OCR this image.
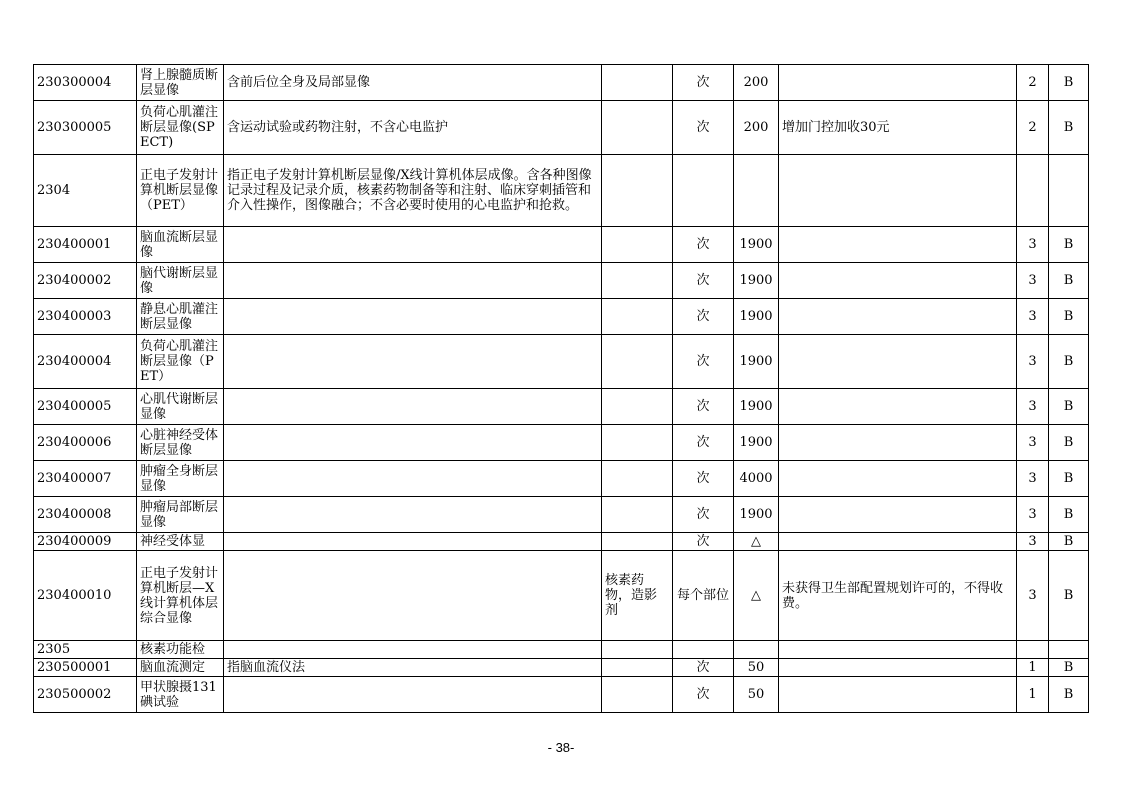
230300004	肾上腺髓质断层显像	含前后位全身及局部显像		次	200		2	B
230300005	负荷心肌灌注断层显像(SPECT)	含运动试验或药物注射，不含心电监护		次	200	增加门控加收30元	2	B
2304	正电子发射计算机断层显像（PET）	指正电子发射计算机断层显像/X线计算机体层成像。含各种图像记录过程及记录介质，核素药物制备等和注射、临床穿刺插管和介入性操作，图像融合；不含必要时使用的心电监护和抢救。						
230400001	脑血流断层显像			次	1900		3	B
230400002	脑代谢断层显像			次	1900		3	B
230400003	静息心肌灌注断层显像			次	1900		3	B
230400004	负荷心肌灌注断层显像（PET）			次	1900		3	B
230400005	心肌代谢断层显像			次	1900		3	B
230400006	心脏神经受体断层显像			次	1900		3	B
230400007	肿瘤全身断层显像			次	4000		3	B
230400008	肿瘤局部断层显像			次	1900		3	B
230400009	神经受体显			次	△		3	B
230400010	正电子发射计算机断层—X线计算机体层综合显像		核素药物，造影剂	每个部位	△	未获得卫生部配置规划许可的，不得收费。	3	B
2305	核素功能检							
230500001	脑血流测定	指脑血流仪法		次	50		1	B
230500002	甲状腺摄131碘试验			次	50		1	B
- 38-
